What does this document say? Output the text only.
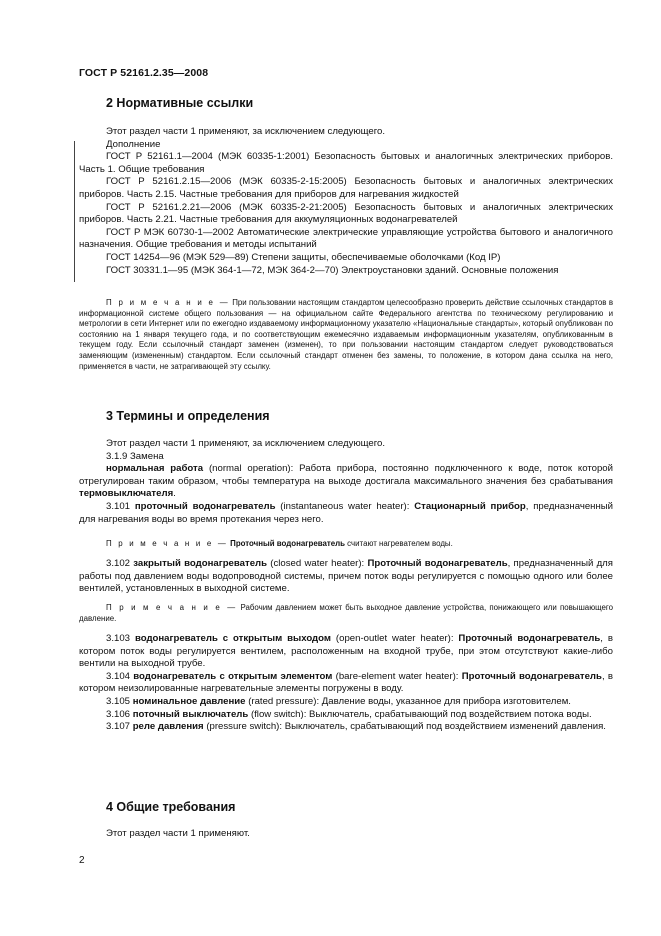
ГОСТ Р 52161.2.35—2008
2 Нормативные ссылки

Этот раздел части 1 применяют, за исключением следующего.

Дополнение

ГОСТ Р 52161.1—2004 (МЭК 60335-1:2001) Безопасность бытовых и аналогичных электрических приборов. Часть 1. Общие требования

ГОСТ Р 52161.2.15—2006 (МЭК 60335-2-15:2005) Безопасность бытовых и аналогичных электрических приборов. Часть 2.15. Частные требования для приборов для нагревания жидкостей

ГОСТ Р 52161.2.21—2006 (МЭК 60335-2-21:2005) Безопасность бытовых и аналогичных электрических приборов. Часть 2.21. Частные требования для аккумуляционных водонагревателей

ГОСТ Р МЭК 60730-1—2002 Автоматические электрические управляющие устройства бытового и аналогичного назначения. Общие требования и методы испытаний

ГОСТ 14254—96 (МЭК 529—89) Степени защиты, обеспечиваемые оболочками (Код IP)

ГОСТ 30331.1—95 (МЭК 364-1—72, МЭК 364-2—70) Электроустановки зданий. Основные положения

П р и м е ч а н и е — При пользовании настоящим стандартом целесообразно проверить действие ссылочных стандартов в информационной системе общего пользования — на официальном сайте Федерального агентства по техническому регулированию и метрологии в сети Интернет или по ежегодно издаваемому информационному указателю «Национальные стандарты», который опубликован по состоянию на 1 января текущего года, и по соответствующим ежемесячно издаваемым информационным указателям, опубликованным в текущем году. Если ссылочный стандарт заменен (изменен), то при пользовании настоящим стандартом следует руководствоваться заменяющим (измененным) стандартом. Если ссылочный стандарт отменен без замены, то положение, в котором дана ссылка на него, применяется в части, не затрагивающей эту ссылку.

3 Термины и определения

Этот раздел части 1 применяют, за исключением следующего.

3.1.9 Замена

нормальная работа (normal operation): Работа прибора, постоянно подключенного к воде, поток которой отрегулирован таким образом, чтобы температура на выходе достигала максимального значения без срабатывания термовыключателя.

3.101 проточный водонагреватель (instantaneous water heater): Стационарный прибор, предназначенный для нагревания воды во время протекания через него.

П р и м е ч а н и е — Проточный водонагреватель считают нагревателем воды.

3.102 закрытый водонагреватель (closed water heater): Проточный водонагреватель, предназначенный для работы под давлением воды водопроводной системы, причем поток воды регулируется с помощью одного или более вентилей, установленных в выходной системе.

П р и м е ч а н и е — Рабочим давлением может быть выходное давление устройства, понижающего или повышающего давление.

3.103 водонагреватель с открытым выходом (open-outlet water heater): Проточный водонагреватель, в котором поток воды регулируется вентилем, расположенным на входной трубе, при этом отсутствуют какие-либо вентили на выходной трубе.

3.104 водонагреватель с открытым элементом (bare-element water heater): Проточный водонагреватель, в котором неизолированные нагревательные элементы погружены в воду.

3.105 номинальное давление (rated pressure): Давление воды, указанное для прибора изготовителем.

3.106 поточный выключатель (flow switch): Выключатель, срабатывающий под воздействием потока воды.

3.107 реле давления (pressure switch): Выключатель, срабатывающий под воздействием изменений давления.

4 Общие требования

Этот раздел части 1 применяют.

2
